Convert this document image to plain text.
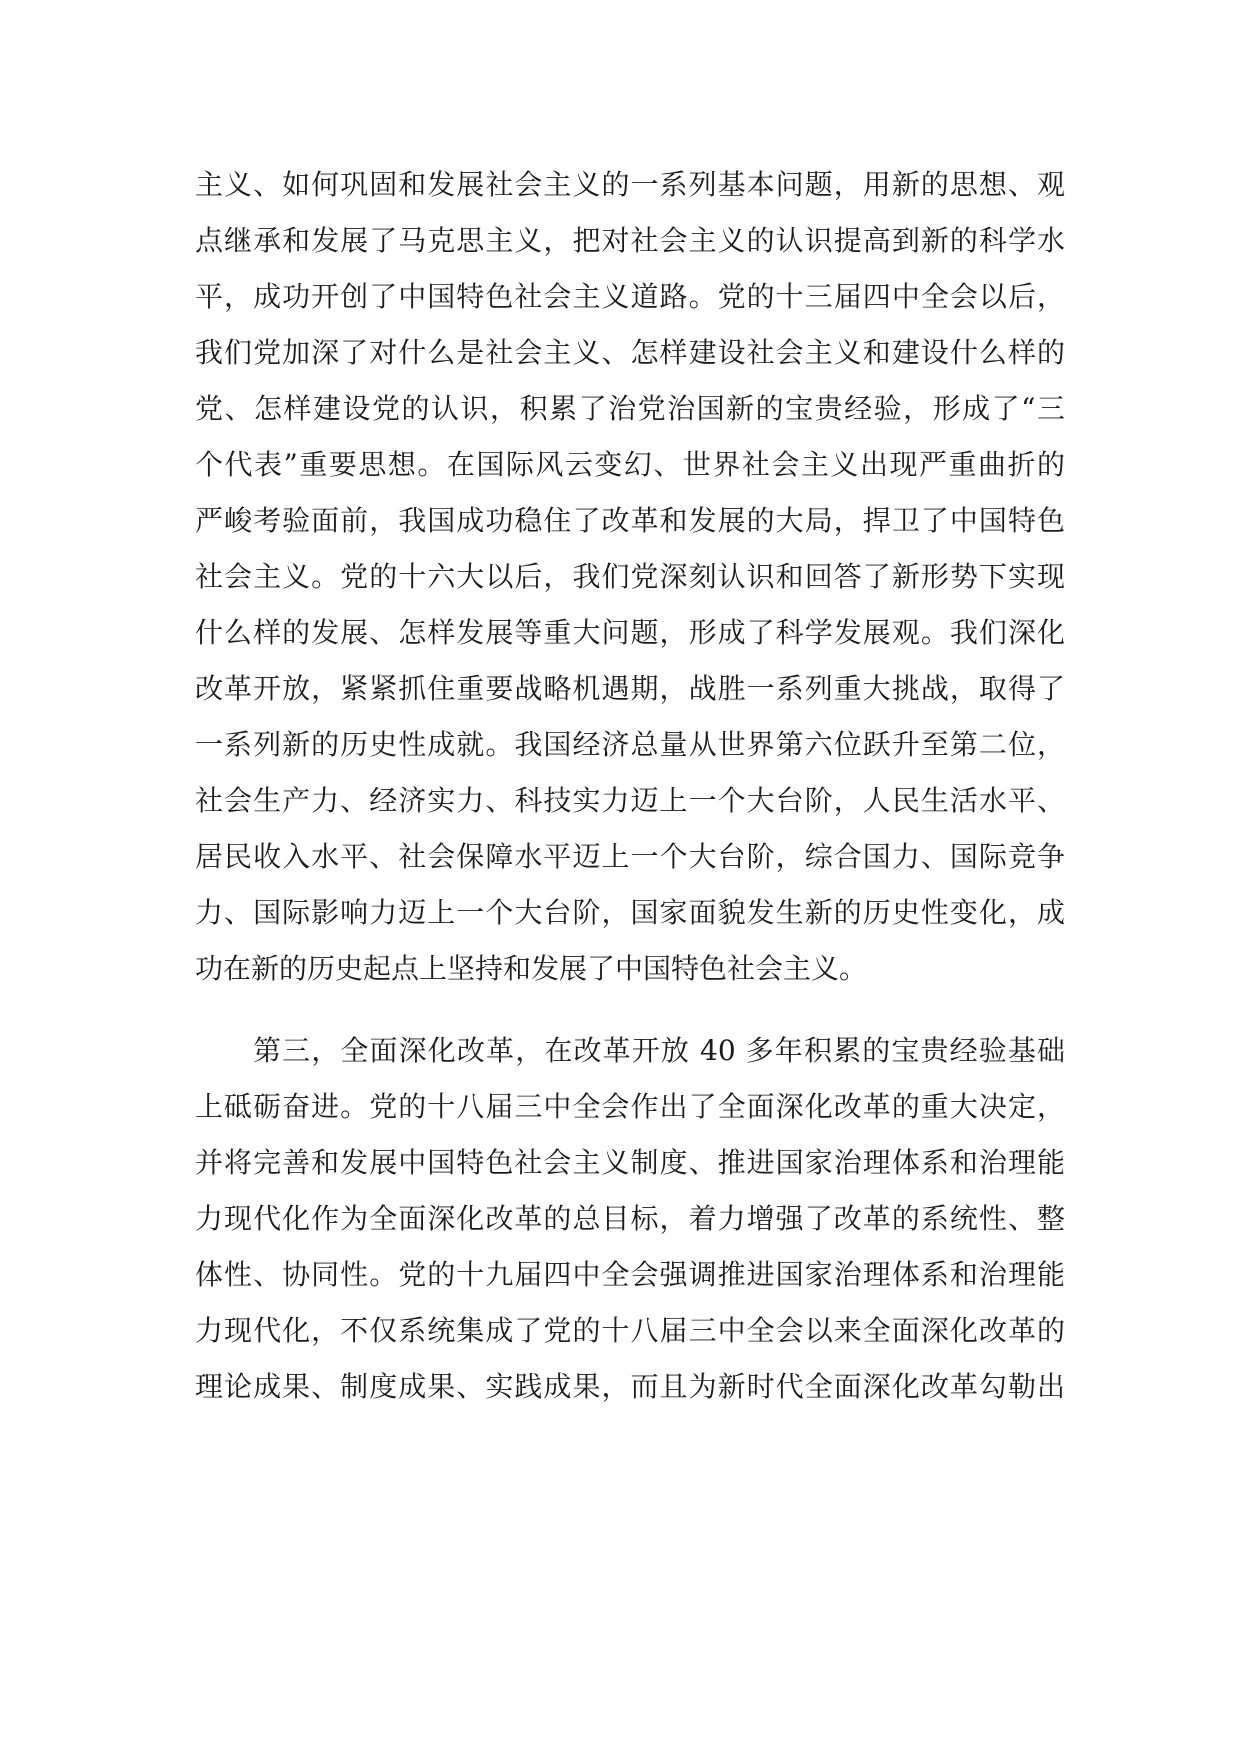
主义、如何巩固和发展社会主义的一系列基本问题，用新的思想、观
点继承和发展了马克思主义，把对社会主义的认识提高到新的科学水
平，成功开创了中国特色社会主义道路。党的十三届四中全会以后，
我们党加深了对什么是社会主义、怎样建设社会主义和建设什么样的
党、怎样建设党的认识，积累了治党治国新的宝贵经验，形成了“三
个代表”重要思想。在国际风云变幻、世界社会主义出现严重曲折的
严峻考验面前，我国成功稳住了改革和发展的大局，捍卫了中国特色
社会主义。党的十六大以后，我们党深刻认识和回答了新形势下实现
什么样的发展、怎样发展等重大问题，形成了科学发展观。我们深化
改革开放，紧紧抓住重要战略机遇期，战胜一系列重大挑战，取得了
一系列新的历史性成就。我国经济总量从世界第六位跃升至第二位，
社会生产力、经济实力、科技实力迈上一个大台阶，人民生活水平、
居民收入水平、社会保障水平迈上一个大台阶，综合国力、国际竞争
力、国际影响力迈上一个大台阶，国家面貌发生新的历史性变化，成
功在新的历史起点上坚持和发展了中国特色社会主义。
第三，全面深化改革，在改革开放 40 多年积累的宝贵经验基础
上砥砺奋进。党的十八届三中全会作出了全面深化改革的重大决定，
并将完善和发展中国特色社会主义制度、推进国家治理体系和治理能
力现代化作为全面深化改革的总目标，着力增强了改革的系统性、整
体性、协同性。党的十九届四中全会强调推进国家治理体系和治理能
力现代化，不仅系统集成了党的十八届三中全会以来全面深化改革的
理论成果、制度成果、实践成果，而且为新时代全面深化改革勾勒出
